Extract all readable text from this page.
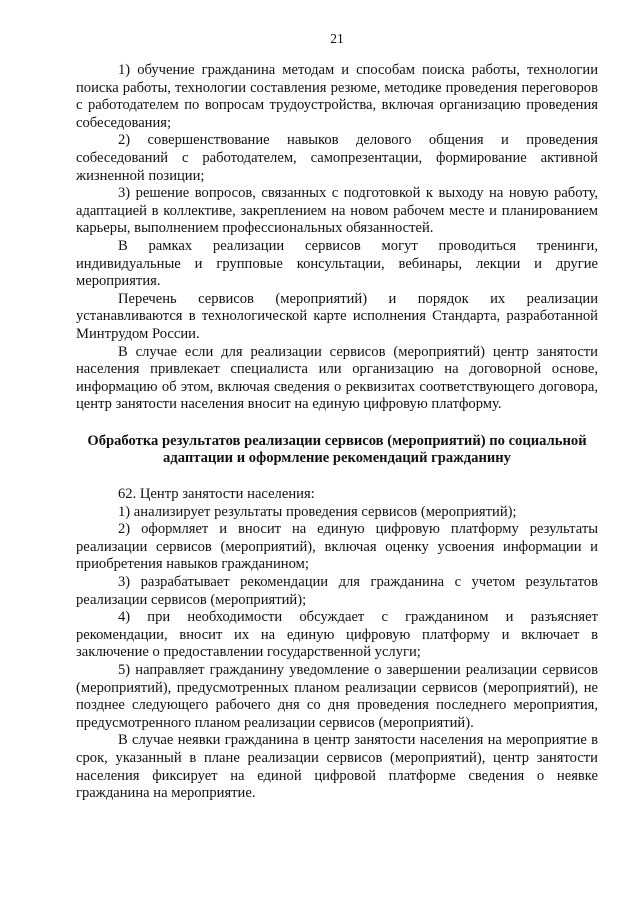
21

1) обучение гражданина методам и способам поиска работы, технологии поиска работы, технологии составления резюме, методике проведения переговоров с работодателем по вопросам трудоустройства, включая организацию проведения собеседования;

2) совершенствование навыков делового общения и проведения собеседований с работодателем, самопрезентации, формирование активной жизненной позиции;

3) решение вопросов, связанных с подготовкой к выходу на новую работу, адаптацией в коллективе, закреплением на новом рабочем месте и планированием карьеры, выполнением профессиональных обязанностей.

В рамках реализации сервисов могут проводиться тренинги, индивидуальные и групповые консультации, вебинары, лекции и другие мероприятия.

Перечень сервисов (мероприятий) и порядок их реализации устанавливаются в технологической карте исполнения Стандарта, разработанной Минтрудом России.

В случае если для реализации сервисов (мероприятий) центр занятости населения привлекает специалиста или организацию на договорной основе, информацию об этом, включая сведения о реквизитах соответствующего договора, центр занятости населения вносит на единую цифровую платформу.

Обработка результатов реализации сервисов (мероприятий) по социальной адаптации и оформление рекомендаций гражданину

62. Центр занятости населения:

1) анализирует результаты проведения сервисов (мероприятий);

2) оформляет и вносит на единую цифровую платформу результаты реализации сервисов (мероприятий), включая оценку усвоения информации и приобретения навыков гражданином;

3) разрабатывает рекомендации для гражданина с учетом результатов реализации сервисов (мероприятий);

4) при необходимости обсуждает с гражданином и разъясняет рекомендации, вносит их на единую цифровую платформу и включает в заключение о предоставлении государственной услуги;

5) направляет гражданину уведомление о завершении реализации сервисов (мероприятий), предусмотренных планом реализации сервисов (мероприятий), не позднее следующего рабочего дня со дня проведения последнего мероприятия, предусмотренного планом реализации сервисов (мероприятий).

В случае неявки гражданина в центр занятости населения на мероприятие в срок, указанный в плане реализации сервисов (мероприятий), центр занятости населения фиксирует на единой цифровой платформе сведения о неявке гражданина на мероприятие.
